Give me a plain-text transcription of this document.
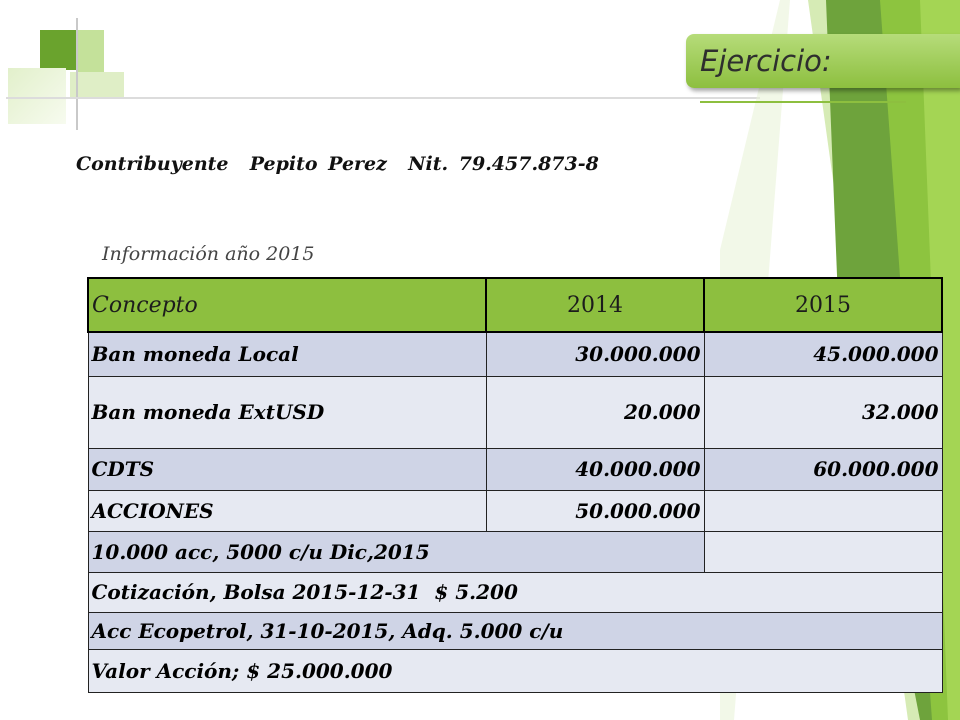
Ejercicio:
Contribuyente  Pepito Perez  Nit. 79.457.873-8
Información año 2015
Concepto	2014	2015
Ban moneda Local	30.000.000	45.000.000
Ban moneda ExtUSD	20.000	32.000
CDTS	40.000.000	60.000.000
ACCIONES	50.000.000	
10.000 acc, 5000 c/u Dic,2015		
Cotización, Bolsa 2015-12-31  $ 5.200		
Acc Ecopetrol, 31-10-2015, Adq. 5.000 c/u		
Valor Acción; $ 25.000.000		
